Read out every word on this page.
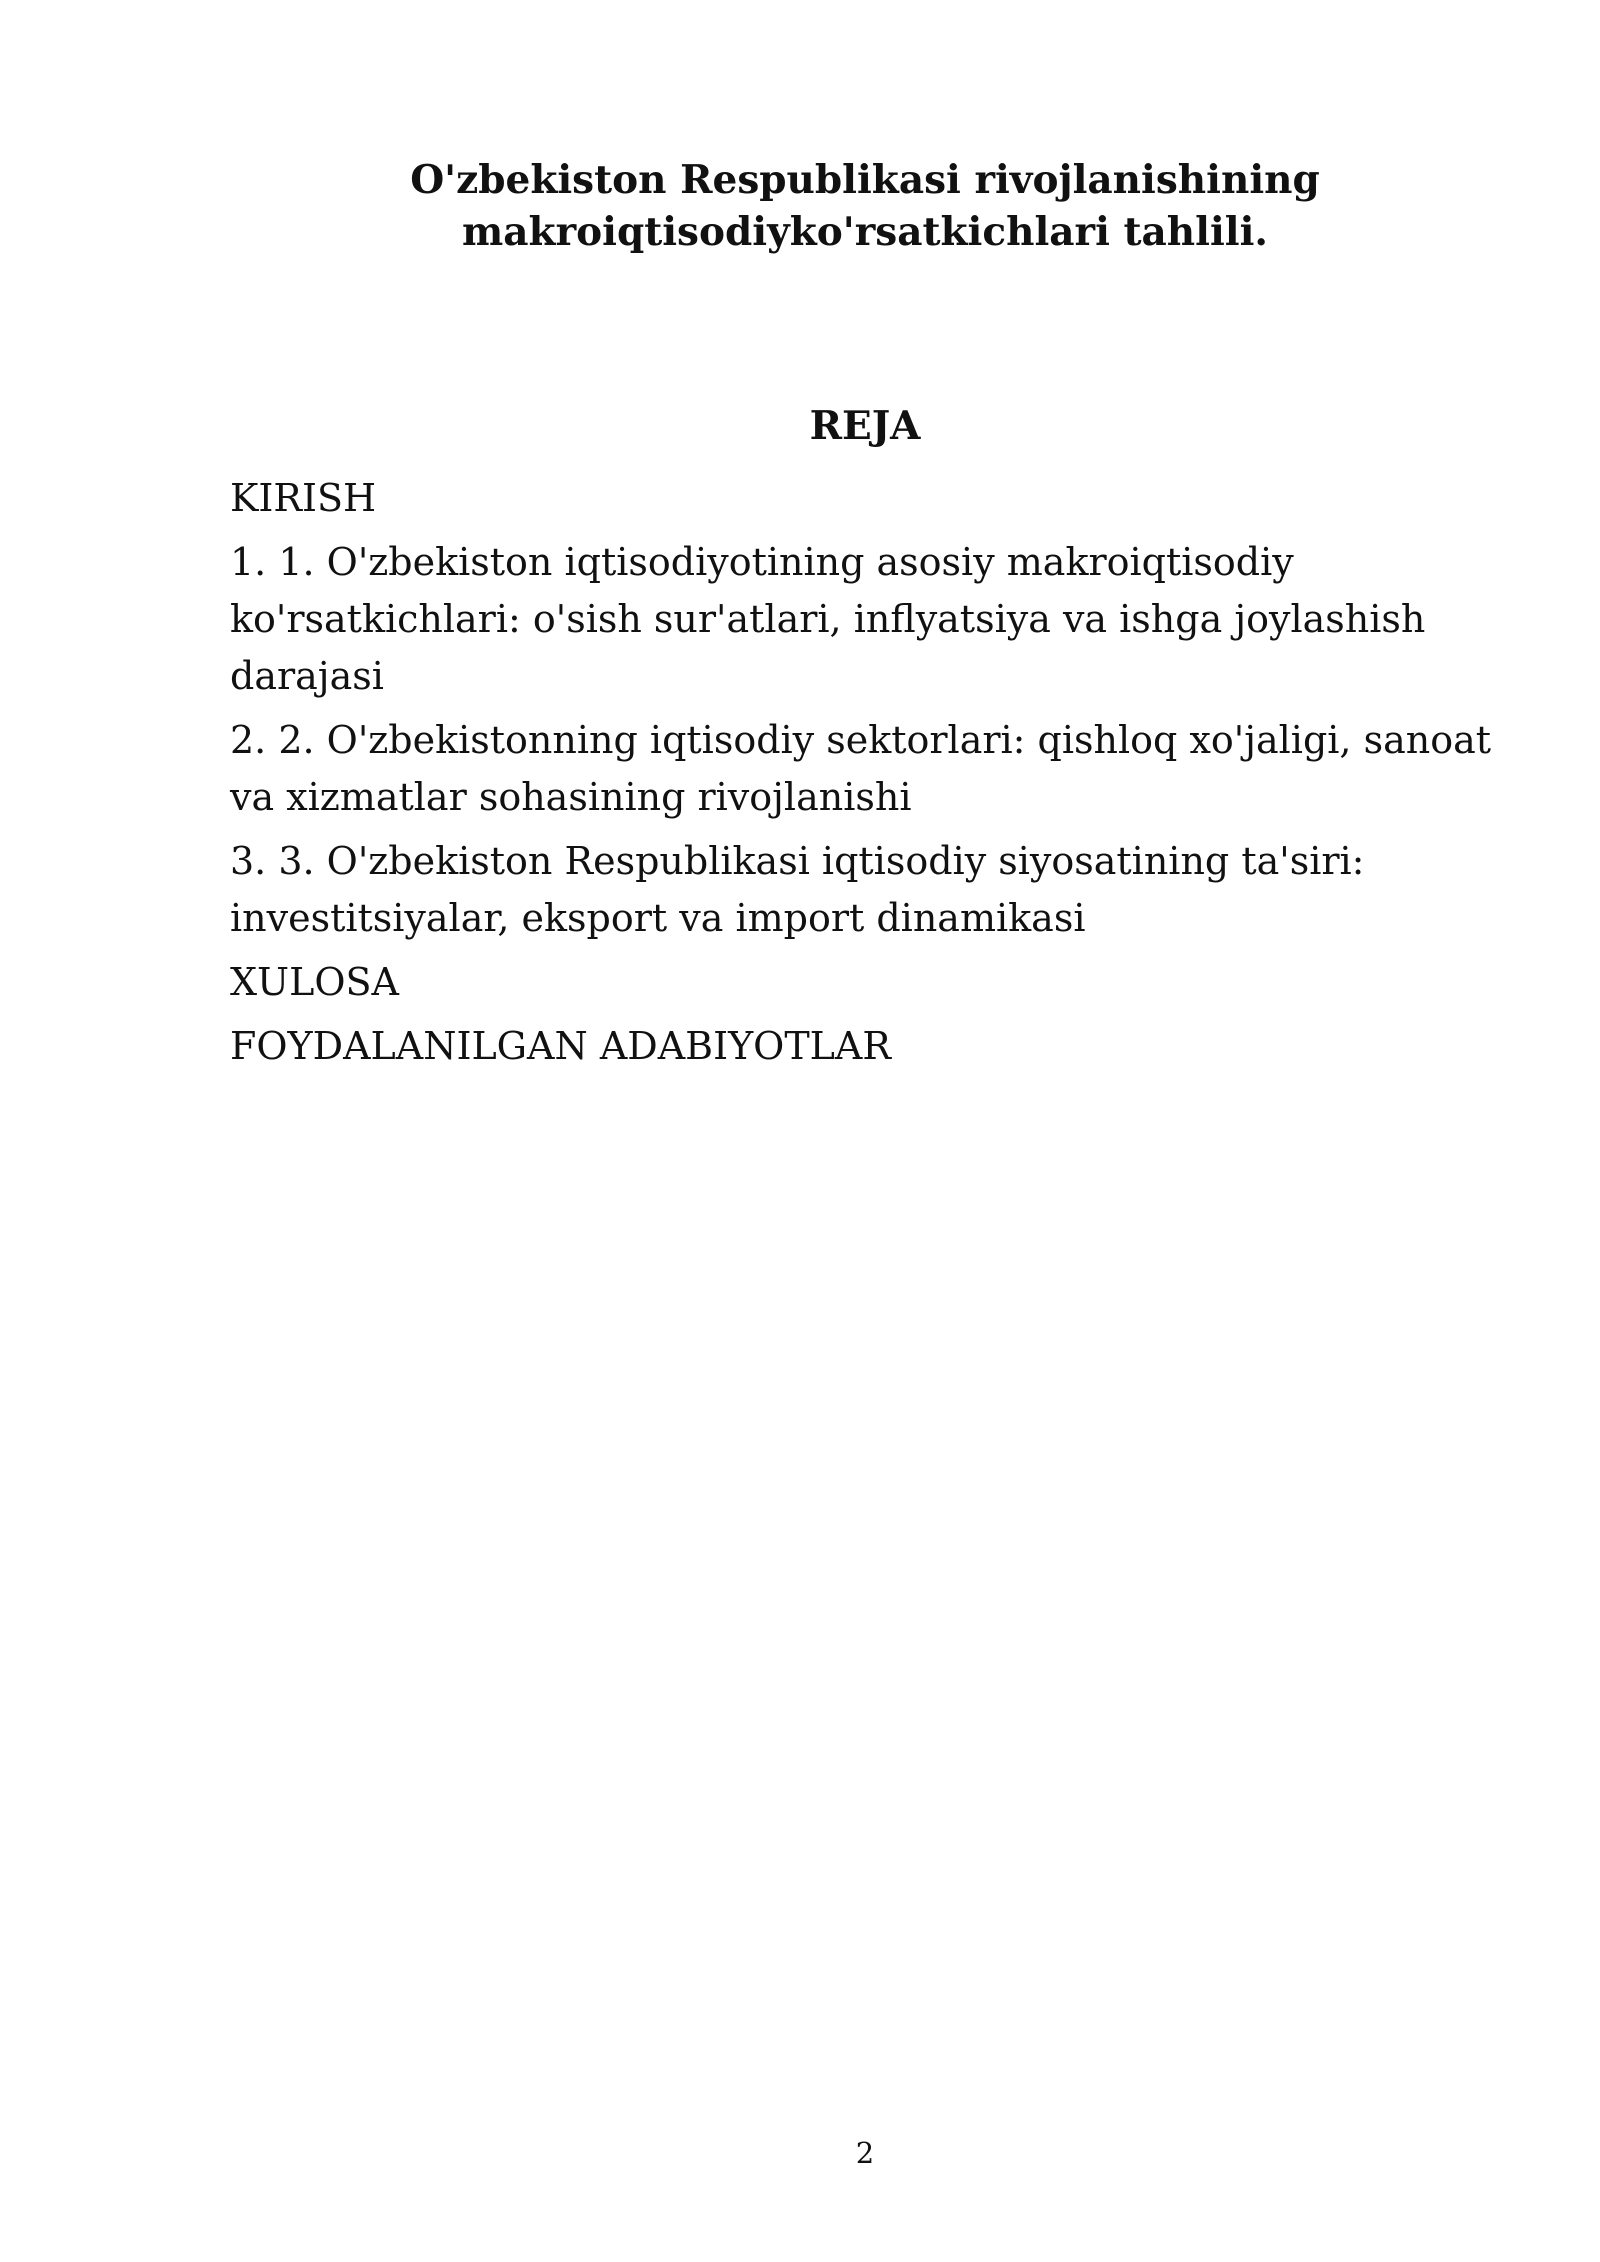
O'zbekiston Respublikasi rivojlanishining
makroiqtisodiyko'rsatkichlari tahlili.
REJA
KIRISH
1. 1. O'zbekiston iqtisodiyotining asosiy makroiqtisodiy
ko'rsatkichlari: o'sish sur'atlari, inflyatsiya va ishga joylashish
darajasi
2. 2. O'zbekistonning iqtisodiy sektorlari: qishloq xo'jaligi, sanoat
va xizmatlar sohasining rivojlanishi
3. 3. O'zbekiston Respublikasi iqtisodiy siyosatining ta'siri:
investitsiyalar, eksport va import dinamikasi
XULOSA
FOYDALANILGAN ADABIYOTLAR
2
